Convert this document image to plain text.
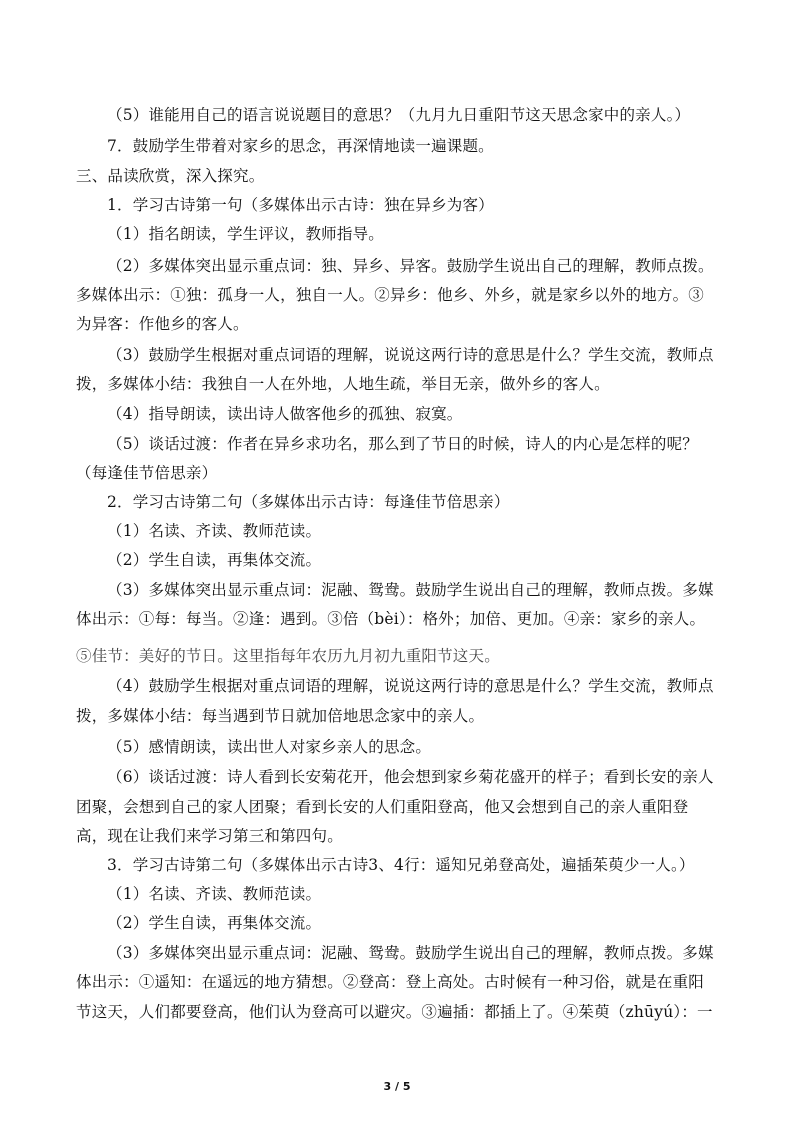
（5）谁能用自己的语言说说题目的意思？（九月九日重阳节这天思念家中的亲人。）
7．鼓励学生带着对家乡的思念，再深情地读一遍课题。
三、品读欣赏，深入探究。
1．学习古诗第一句（多媒体出示古诗：独在异乡为客）
（1）指名朗读，学生评议，教师指导。
（2）多媒体突出显示重点词：独、异乡、异客。鼓励学生说出自己的理解，教师点拨。
多媒体出示：①独：孤身一人，独自一人。②异乡：他乡、外乡，就是家乡以外的地方。③
为异客：作他乡的客人。
（3）鼓励学生根据对重点词语的理解，说说这两行诗的意思是什么？学生交流，教师点
拨，多媒体小结：我独自一人在外地，人地生疏，举目无亲，做外乡的客人。
（4）指导朗读，读出诗人做客他乡的孤独、寂寞。
（5）谈话过渡：作者在异乡求功名，那么到了节日的时候，诗人的内心是怎样的呢？
（每逢佳节倍思亲）
2．学习古诗第二句（多媒体出示古诗：每逢佳节倍思亲）
（1）名读、齐读、教师范读。
（2）学生自读，再集体交流。
（3）多媒体突出显示重点词：泥融、鸳鸯。鼓励学生说出自己的理解，教师点拨。多媒
体出示：①每：每当。②逢：遇到。③倍（bèi）：格外；加倍、更加。④亲：家乡的亲人。
⑤佳节：美好的节日。这里指每年农历九月初九重阳节这天。
（4）鼓励学生根据对重点词语的理解，说说这两行诗的意思是什么？学生交流，教师点
拨，多媒体小结：每当遇到节日就加倍地思念家中的亲人。
（5）感情朗读，读出世人对家乡亲人的思念。
（6）谈话过渡：诗人看到长安菊花开，他会想到家乡菊花盛开的样子；看到长安的亲人
团聚，会想到自己的家人团聚；看到长安的人们重阳登高，他又会想到自己的亲人重阳登
高，现在让我们来学习第三和第四句。
3．学习古诗第二句（多媒体出示古诗3、4行：遥知兄弟登高处，遍插茱萸少一人。）
（1）名读、齐读、教师范读。
（2）学生自读，再集体交流。
（3）多媒体突出显示重点词：泥融、鸳鸯。鼓励学生说出自己的理解，教师点拨。多媒
体出示：①遥知：在遥远的地方猜想。②登高：登上高处。古时候有一种习俗，就是在重阳
节这天，人们都要登高，他们认为登高可以避灾。③遍插：都插上了。④茱萸（zhūyú）：一
3 / 5
